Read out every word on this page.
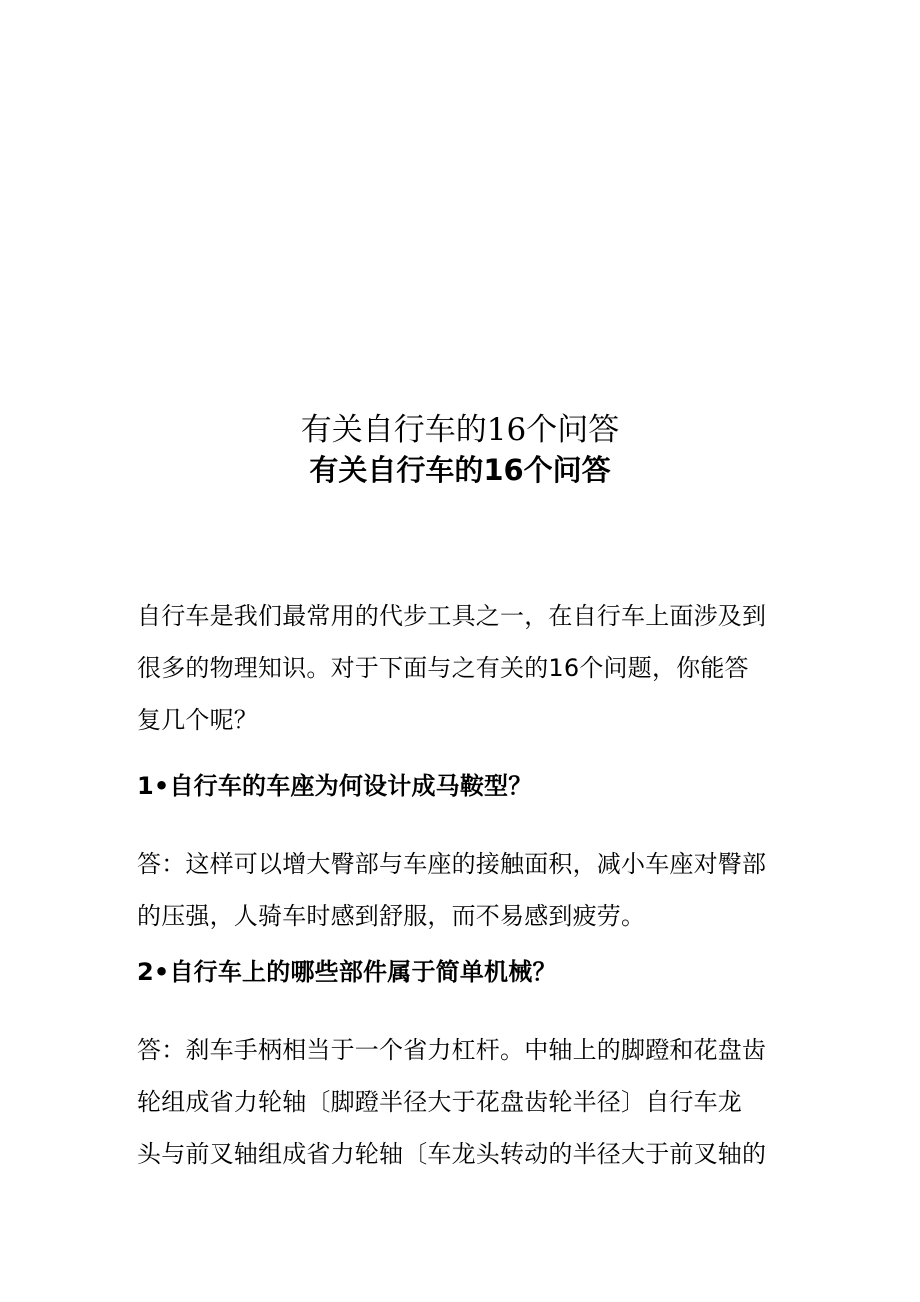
有关自行车的16个问答
有关自行车的16个问答

自行车是我们最常用的代步工具之一，在自行车上面涉及到

很多的物理知识。对于下面与之有关的16个问题，你能答

复几个呢？

1•自行车的车座为何设计成马鞍型？

答：这样可以增大臀部与车座的接触面积，减小车座对臀部

的压强，人骑车时感到舒服，而不易感到疲劳。

2•自行车上的哪些部件属于简单机械？

答：刹车手柄相当于一个省力杠杆。中轴上的脚蹬和花盘齿

轮组成省力轮轴〔脚蹬半径大于花盘齿轮半径〕自行车龙

头与前叉轴组成省力轮轴〔车龙头转动的半径大于前叉轴的
